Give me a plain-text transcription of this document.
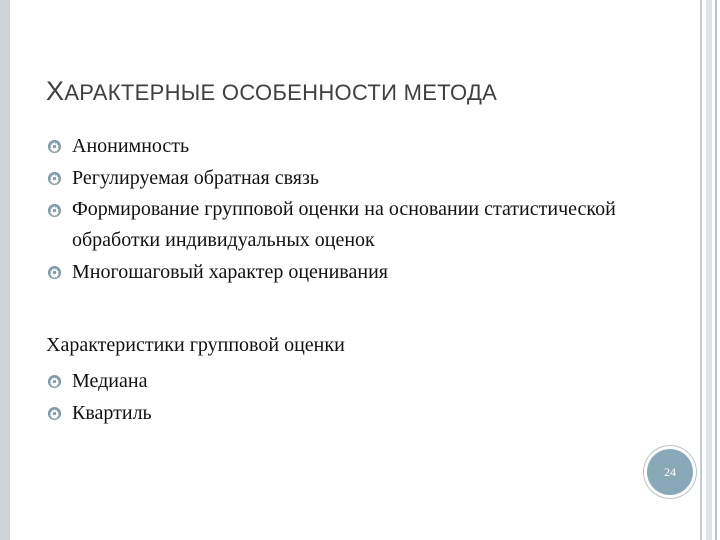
ХАРАКТЕРНЫЕ ОСОБЕННОСТИ МЕТОДА
Анонимность
Регулируемая обратная связь
Формирование групповой оценки на основании статистической обработки индивидуальных оценок
Многошаговый характер оценивания

Характеристики групповой оценки

Медиана
Квартиль
24
